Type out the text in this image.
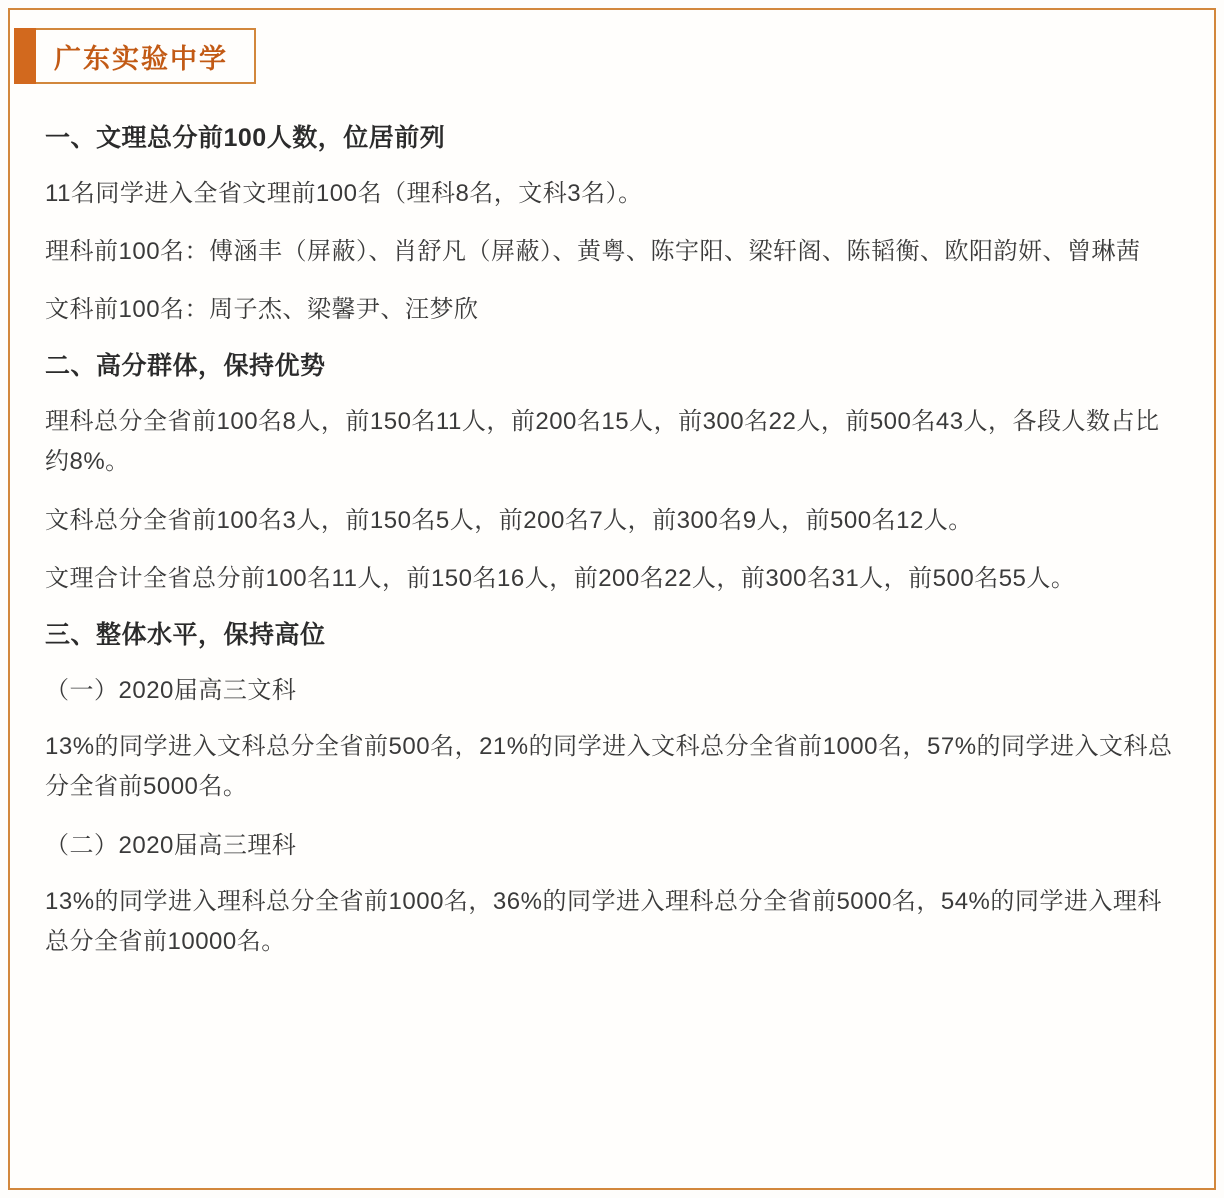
广东实验中学
一、文理总分前100人数，位居前列

11名同学进入全省文理前100名（理科8名，文科3名）。

理科前100名：傅涵丰（屏蔽）、肖舒凡（屏蔽）、黄粤、陈宇阳、梁轩阁、陈韬衡、欧阳韵妍、曾琳茜

文科前100名：周子杰、梁馨尹、汪梦欣

二、高分群体，保持优势

理科总分全省前100名8人，前150名11人，前200名15人，前300名22人，前500名43人，各段人数占比约8%。

文科总分全省前100名3人，前150名5人，前200名7人，前300名9人，前500名12人。

文理合计全省总分前100名11人，前150名16人，前200名22人，前300名31人，前500名55人。

三、整体水平，保持高位

（一）2020届高三文科

13%的同学进入文科总分全省前500名，21%的同学进入文科总分全省前1000名，57%的同学进入文科总分全省前5000名。

（二）2020届高三理科

13%的同学进入理科总分全省前1000名，36%的同学进入理科总分全省前5000名，54%的同学进入理科总分全省前10000名。
